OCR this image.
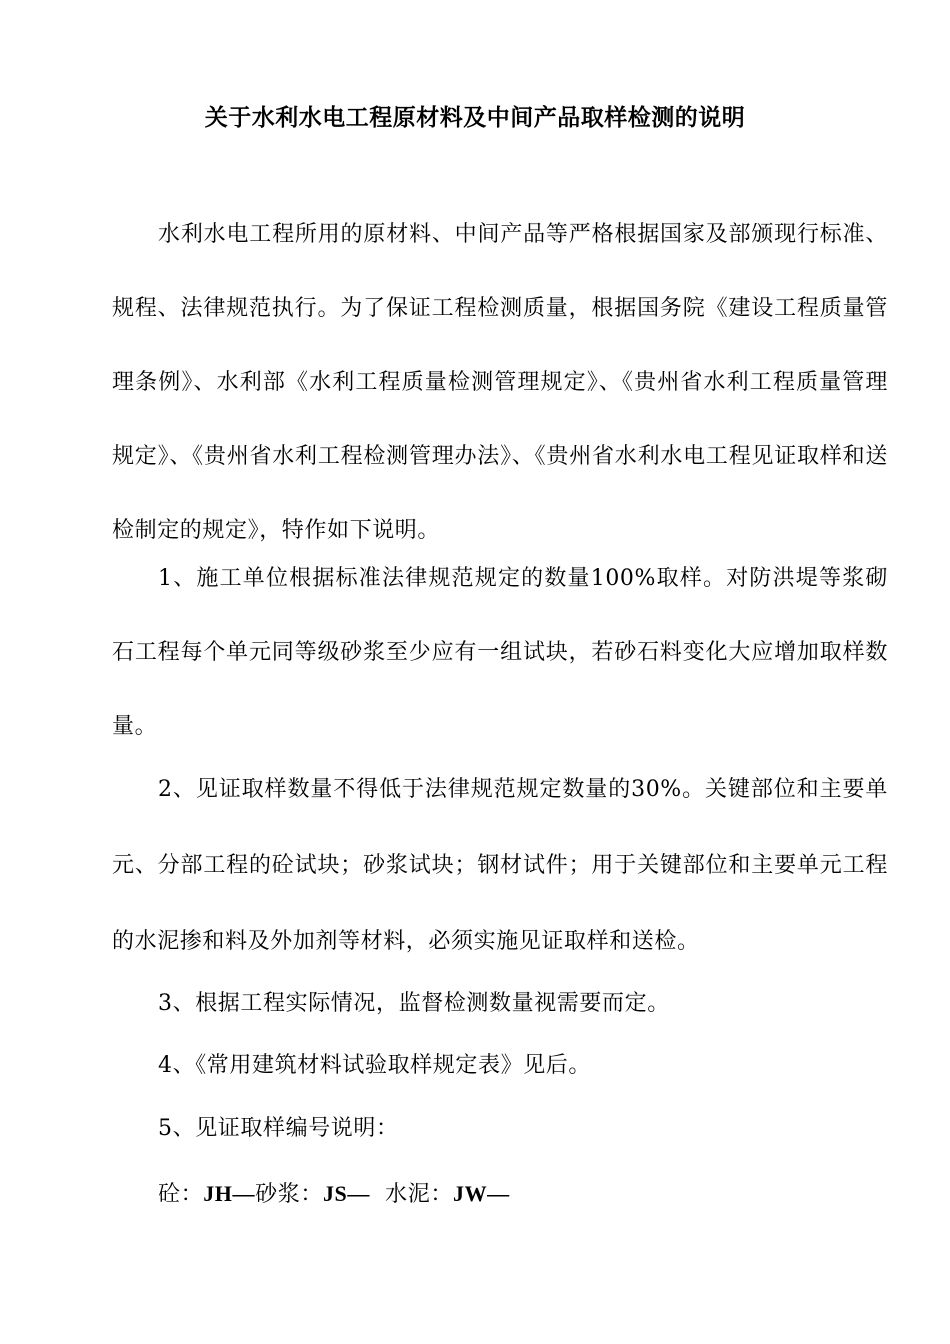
关于水利水电工程原材料及中间产品取样检测的说明
水利水电工程所用的原材料、中间产品等严格根据国家及部颁现行标准、规程、法律规范执行。为了保证工程检测质量，根据国务院《建设工程质量管理条例》、水利部《水利工程质量检测管理规定》、《贵州省水利工程质量管理规定》、《贵州省水利工程检测管理办法》、《贵州省水利水电工程见证取样和送检制定的规定》，特作如下说明。
1、施工单位根据标准法律规范规定的数量100%取样。对防洪堤等浆砌石工程每个单元同等级砂浆至少应有一组试块，若砂石料变化大应增加取样数量。
2、见证取样数量不得低于法律规范规定数量的30%。关键部位和主要单元、分部工程的砼试块；砂浆试块；钢材试件；用于关键部位和主要单元工程的水泥掺和料及外加剂等材料，必须实施见证取样和送检。
3、根据工程实际情况，监督检测数量视需要而定。
4、《常用建筑材料试验取样规定表》见后。
5、见证取样编号说明：
砼：JH—砂浆：JS— 水泥：JW—
